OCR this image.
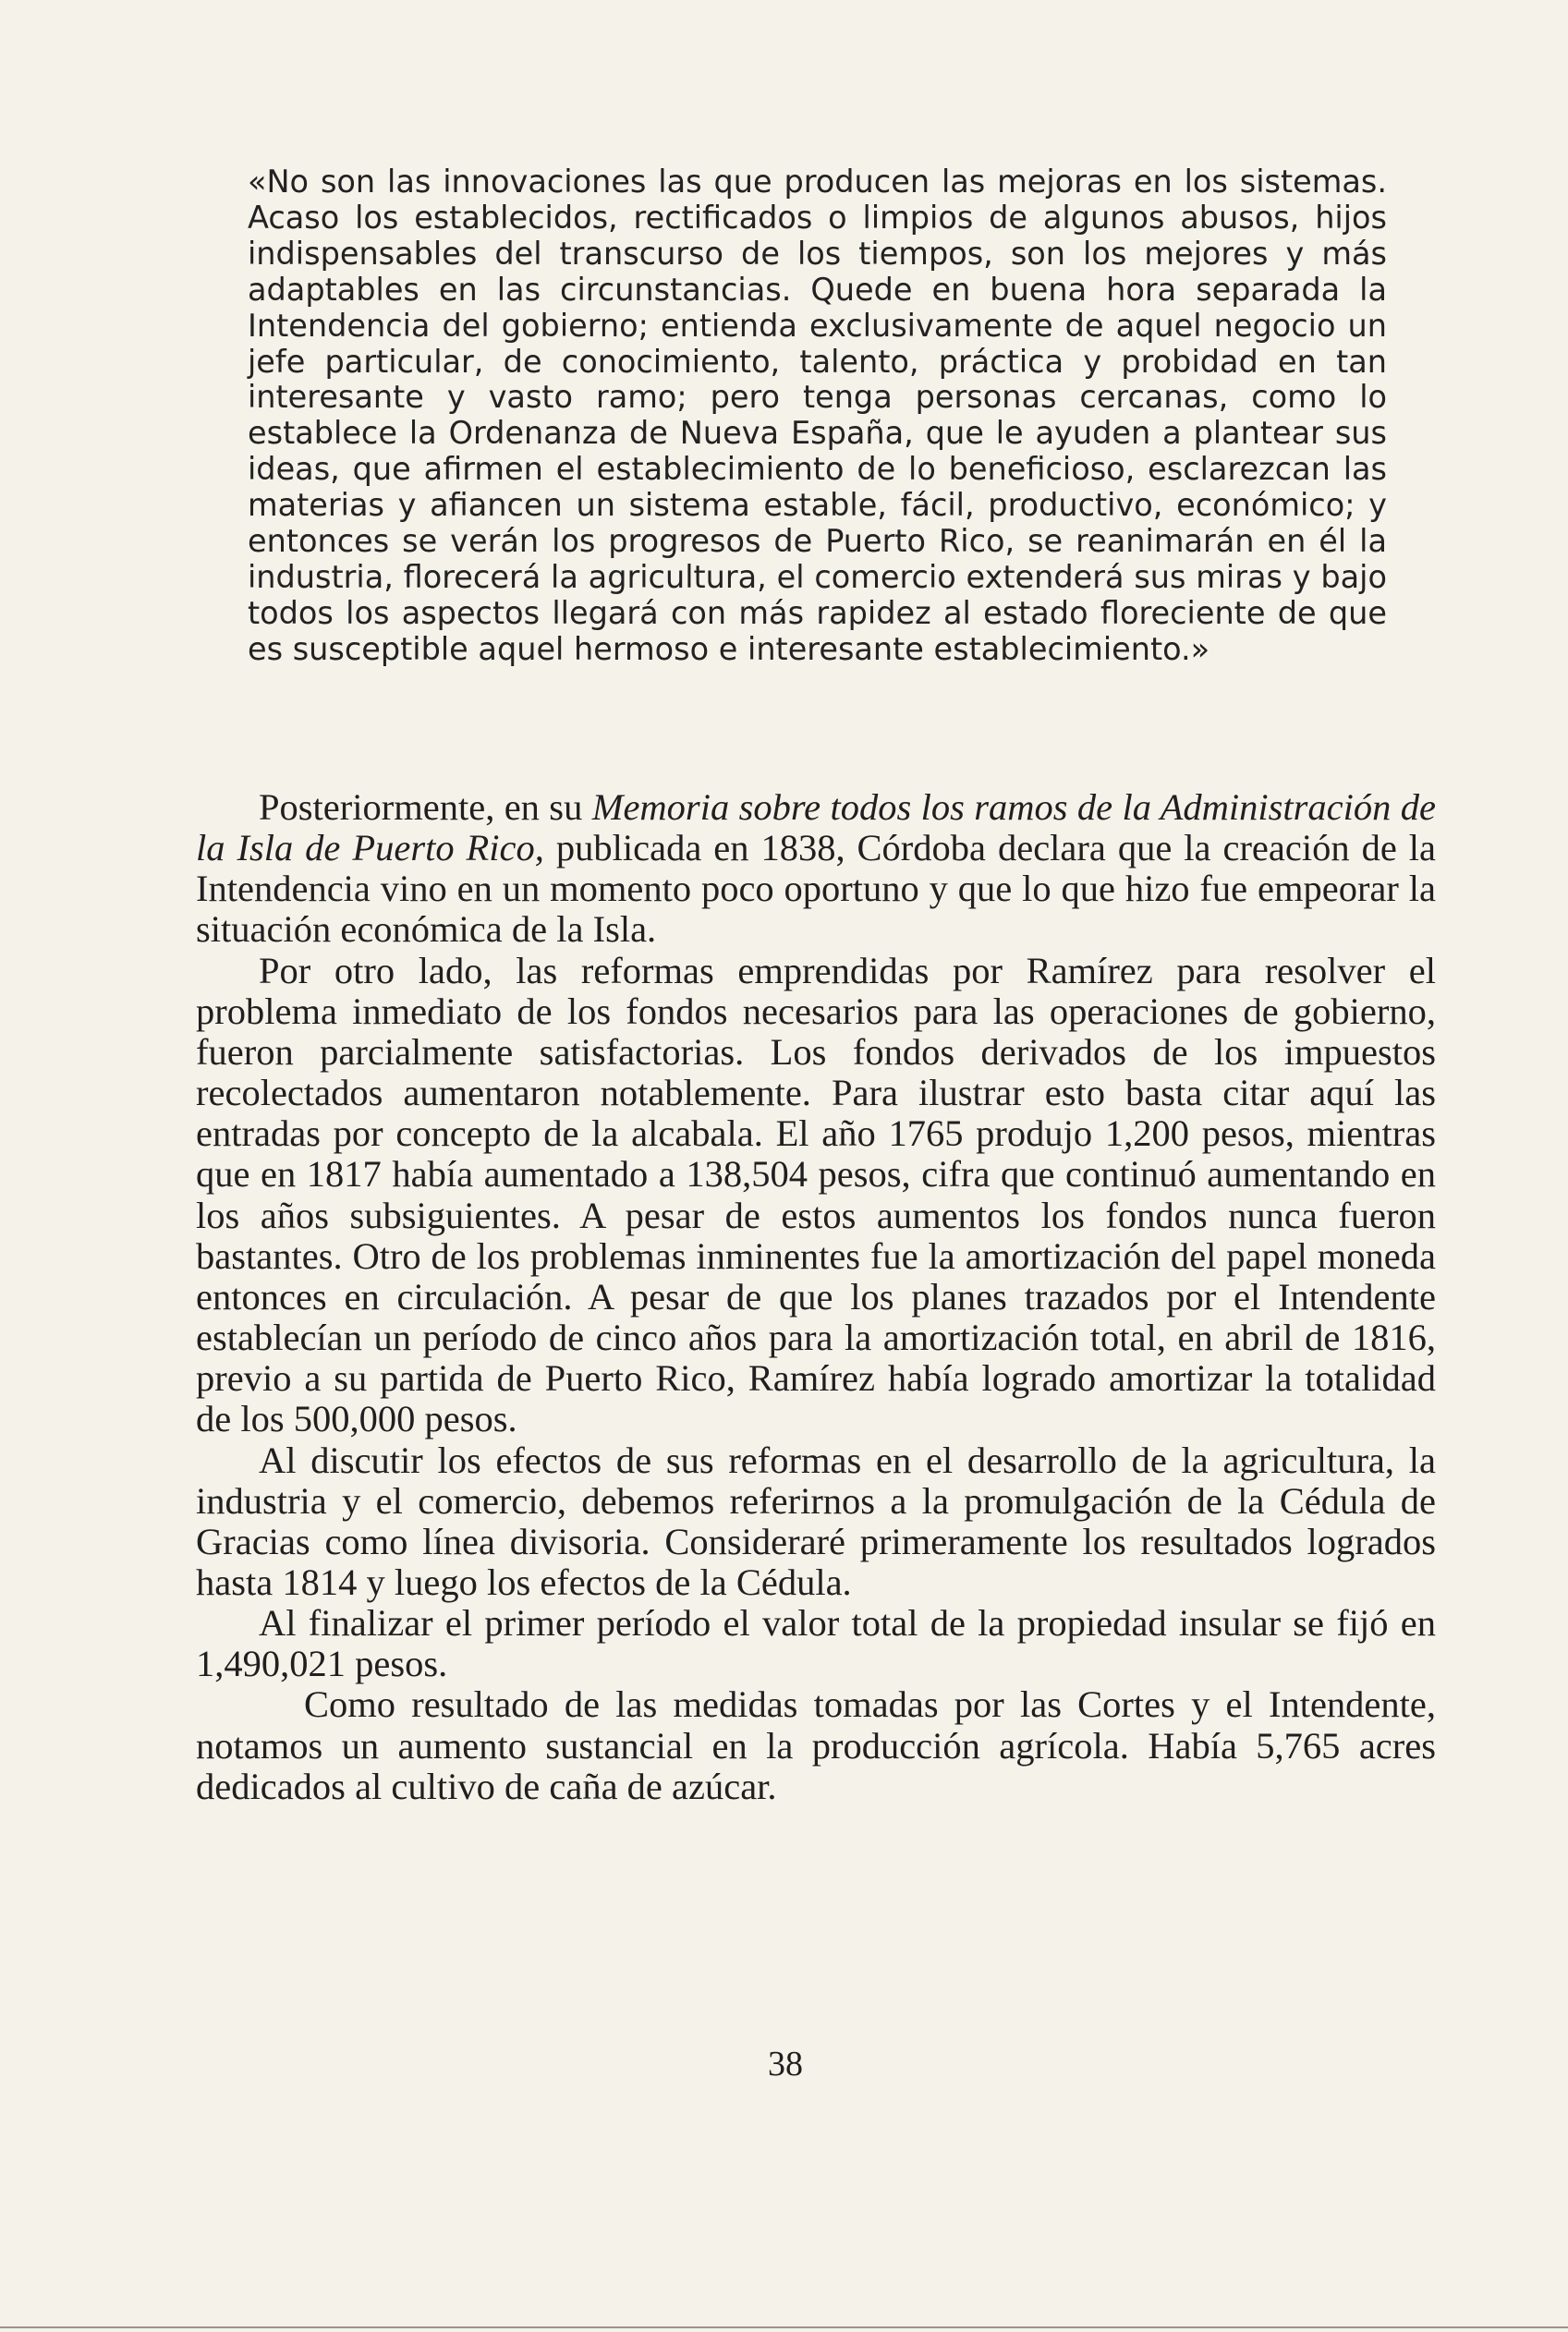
«No son las innovaciones las que producen las mejoras en los sistemas. Acaso los establecidos, rectificados o limpios de algunos abusos, hijos indispensables del transcurso de los tiempos, son los mejores y más adaptables en las circunstancias. Quede en buena hora separada la Intendencia del gobierno; entienda exclusivamente de aquel negocio un jefe particular, de conocimiento, talento, práctica y probidad en tan interesante y vasto ramo; pero tenga personas cercanas, como lo establece la Ordenanza de Nueva España, que le ayuden a plantear sus ideas, que afirmen el establecimiento de lo beneficioso, esclarezcan las materias y afiancen un sistema estable, fácil, productivo, económico; y entonces se verán los progresos de Puerto Rico, se reanimarán en él la industria, florecerá la agricultura, el comercio extenderá sus miras y bajo todos los aspectos llegará con más rapidez al estado floreciente de que es susceptible aquel hermoso e interesante establecimiento.»

Posteriormente, en su Memoria sobre todos los ramos de la Administración de la Isla de Puerto Rico, publicada en 1838, Córdoba declara que la creación de la Intendencia vino en un momento poco oportuno y que lo que hizo fue empeorar la situación económica de la Isla.

Por otro lado, las reformas emprendidas por Ramírez para resolver el problema inmediato de los fondos necesarios para las operaciones de gobierno, fueron parcialmente satisfactorias. Los fondos derivados de los impuestos recolectados aumentaron notablemente. Para ilustrar esto basta citar aquí las entradas por concepto de la alcabala. El año 1765 produjo 1,200 pesos, mientras que en 1817 había aumentado a 138,504 pesos, cifra que continuó aumentando en los años subsiguientes. A pesar de estos aumentos los fondos nunca fueron bastantes. Otro de los problemas inminentes fue la amortización del papel moneda entonces en circulación. A pesar de que los planes trazados por el Intendente establecían un período de cinco años para la amortización total, en abril de 1816, previo a su partida de Puerto Rico, Ramírez había logrado amortizar la totalidad de los 500,000 pesos.

Al discutir los efectos de sus reformas en el desarrollo de la agricultura, la industria y el comercio, debemos referirnos a la promulgación de la Cédula de Gracias como línea divisoria. Consideraré primeramente los resultados logrados hasta 1814 y luego los efectos de la Cédula.

Al finalizar el primer período el valor total de la propiedad insular se fijó en 1,490,021 pesos.

Como resultado de las medidas tomadas por las Cortes y el Intendente, notamos un aumento sustancial en la producción agrícola. Había 5,765 acres dedicados al cultivo de caña de azúcar.

38
